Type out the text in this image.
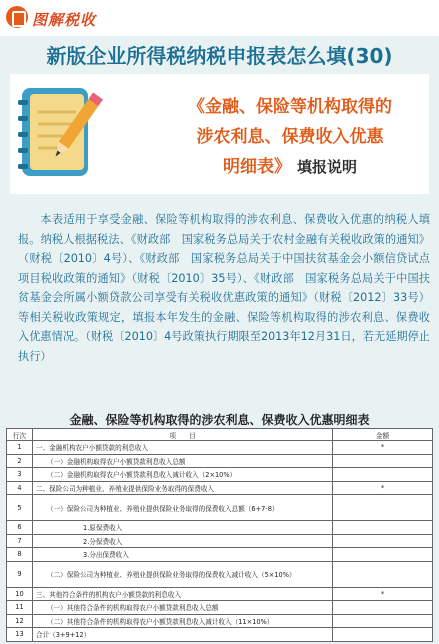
图解税收
新版企业所得税纳税申报表怎么填(30)
《金融、保险等机构取得的
涉农利息、保费收入优惠
明细表》 填报说明

本表适用于享受金融、保险等机构取得的涉农利息、保费收入优惠的纳税人填报。纳税人根据税法、《财政部　国家税务总局关于农村金融有关税收政策的通知》（财税〔2010〕4号）、《财政部　国家税务总局关于中国扶贫基金会小额信贷试点项目税收政策的通知》（财税〔2010〕35号）、《财政部　国家税务总局关于中国扶贫基金会所属小额贷款公司享受有关税收优惠政策的通知》（财税〔2012〕33号）等相关税收政策规定，填报本年发生的金融、保险等机构取得的涉农利息、保费收入优惠情况。（财税〔2010〕4号政策执行期限至2013年12月31日，若无延期停止执行）

金融、保险等机构取得的涉农利息、保费收入优惠明细表
行次	项　　目	金额
1	一、金融机构农户小额贷款的利息收入	*
2	（一）金融机构取得农户小额贷款利息收入总额	
3	（二）金融机构取得农户小额贷款利息收入减计收入（2×10%）	
4	二、保险公司为种植业、养殖业提供保险业务取得的保费收入	*
5	（一）保险公司为种植业、养殖业提供保险业务取得的保费收入总额（6+7-8）	
6	1.原保费收入	
7	2.分保费收入	
8	3.分出保费收入	
9	（二）保险公司为种植业、养殖业提供保险业务取得的保费收入减计收入（5×10%）	
10	三、其他符合条件的机构农户小额贷款的利息收入	*
11	（一）其他符合条件的机构取得农户小额贷款利息收入总额	
12	（二）其他符合条件的机构取得农户小额贷款利息收入减计收入（11×10%）	
13	合计（3+9+12）	
